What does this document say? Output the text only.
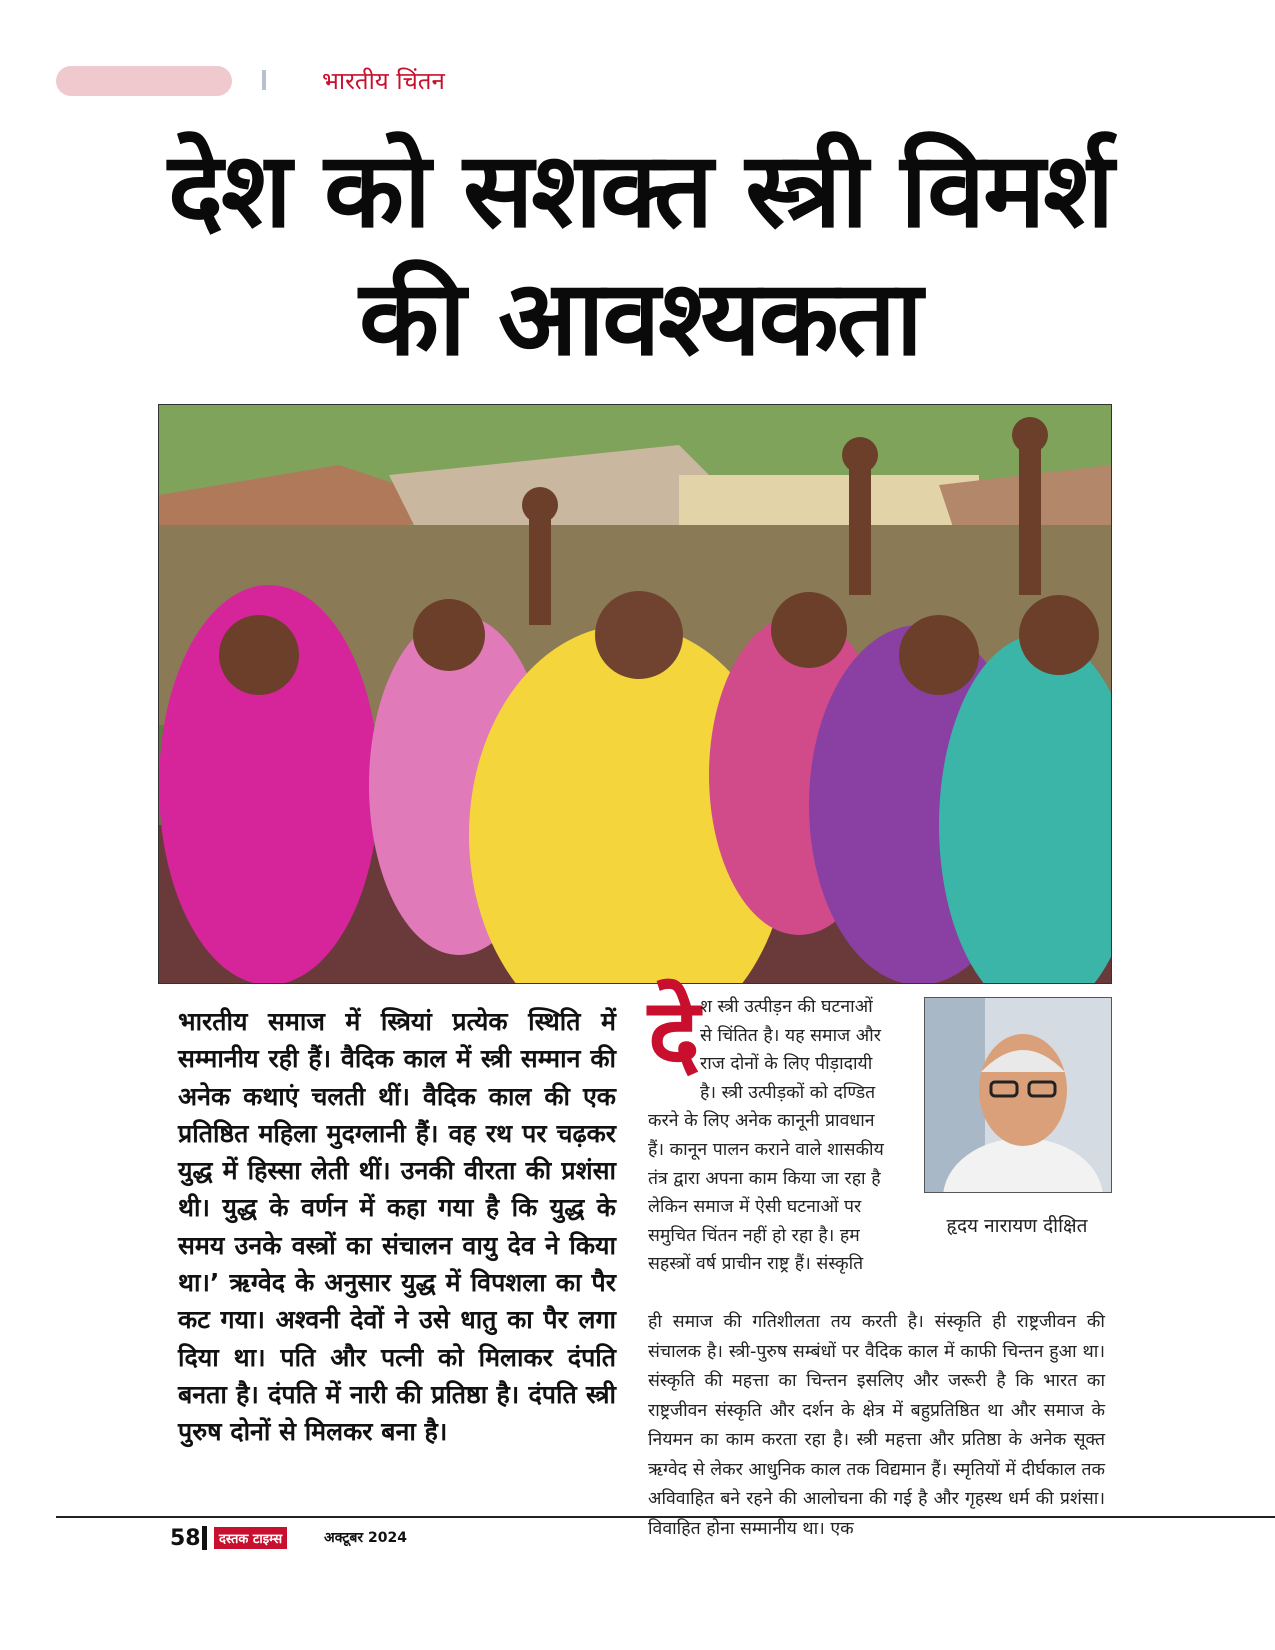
भारतीय चिंतन
देश को सशक्त स्त्री विमर्श
की आवश्यकता
भारतीय समाज में स्त्रियां प्रत्येक स्थिति में सम्मानीय रही हैं। वैदिक काल में स्त्री सम्मान की अनेक कथाएं चलती थीं। वैदिक काल की एक प्रतिष्ठित महिला मुदग्लानी हैं। वह रथ पर चढ़कर युद्ध में हिस्सा लेती थीं। उनकी वीरता की प्रशंसा थी। युद्ध के वर्णन में कहा गया है कि युद्ध के समय उनके वस्त्रों का संचालन वायु देव ने किया था।’ ऋग्वेद के अनुसार युद्ध में विपशला का पैर कट गया। अश्वनी देवों ने उसे धातु का पैर लगा दिया था। पति और पत्नी को मिलाकर दंपति बनता है। दंपति में नारी की प्रतिष्ठा है। दंपति स्त्री पुरुष दोनों से मिलकर बना है।
दे श स्त्री उत्पीड़न की घटनाओं
से चिंतित है। यह समाज और
राज दोनों के लिए पीड़ादायी
है। स्त्री उत्पीड़कों को दण्डित
करने के लिए अनेक कानूनी प्रावधान
हैं। कानून पालन कराने वाले शासकीय
तंत्र द्वारा अपना काम किया जा रहा है
लेकिन समाज में ऐसी घटनाओं पर
समुचित चिंतन नहीं हो रहा है। हम
सहस्त्रों वर्ष प्राचीन राष्ट्र हैं। संस्कृति
ही समाज की गतिशीलता तय करती है। संस्कृति ही राष्ट्रजीवन की संचालक है। स्त्री-पुरुष सम्बंधों पर वैदिक काल में काफी चिन्तन हुआ था। संस्कृति की महत्ता का चिन्तन इसलिए और जरूरी है कि भारत का राष्ट्रजीवन संस्कृति और दर्शन के क्षेत्र में बहुप्रतिष्ठित था और समाज के नियमन का काम करता रहा है। स्त्री महत्ता और प्रतिष्ठा के अनेक सूक्त ऋग्वेद से लेकर आधुनिक काल तक विद्यमान हैं। स्मृतियों में दीर्घकाल तक अविवाहित बने रहने की आलोचना की गई है और गृहस्थ धर्म की प्रशंसा। विवाहित होना सम्मानीय था। एक
हृदय नारायण दीक्षित
58	दस्तक टाइम्स	अक्टूबर 2024
